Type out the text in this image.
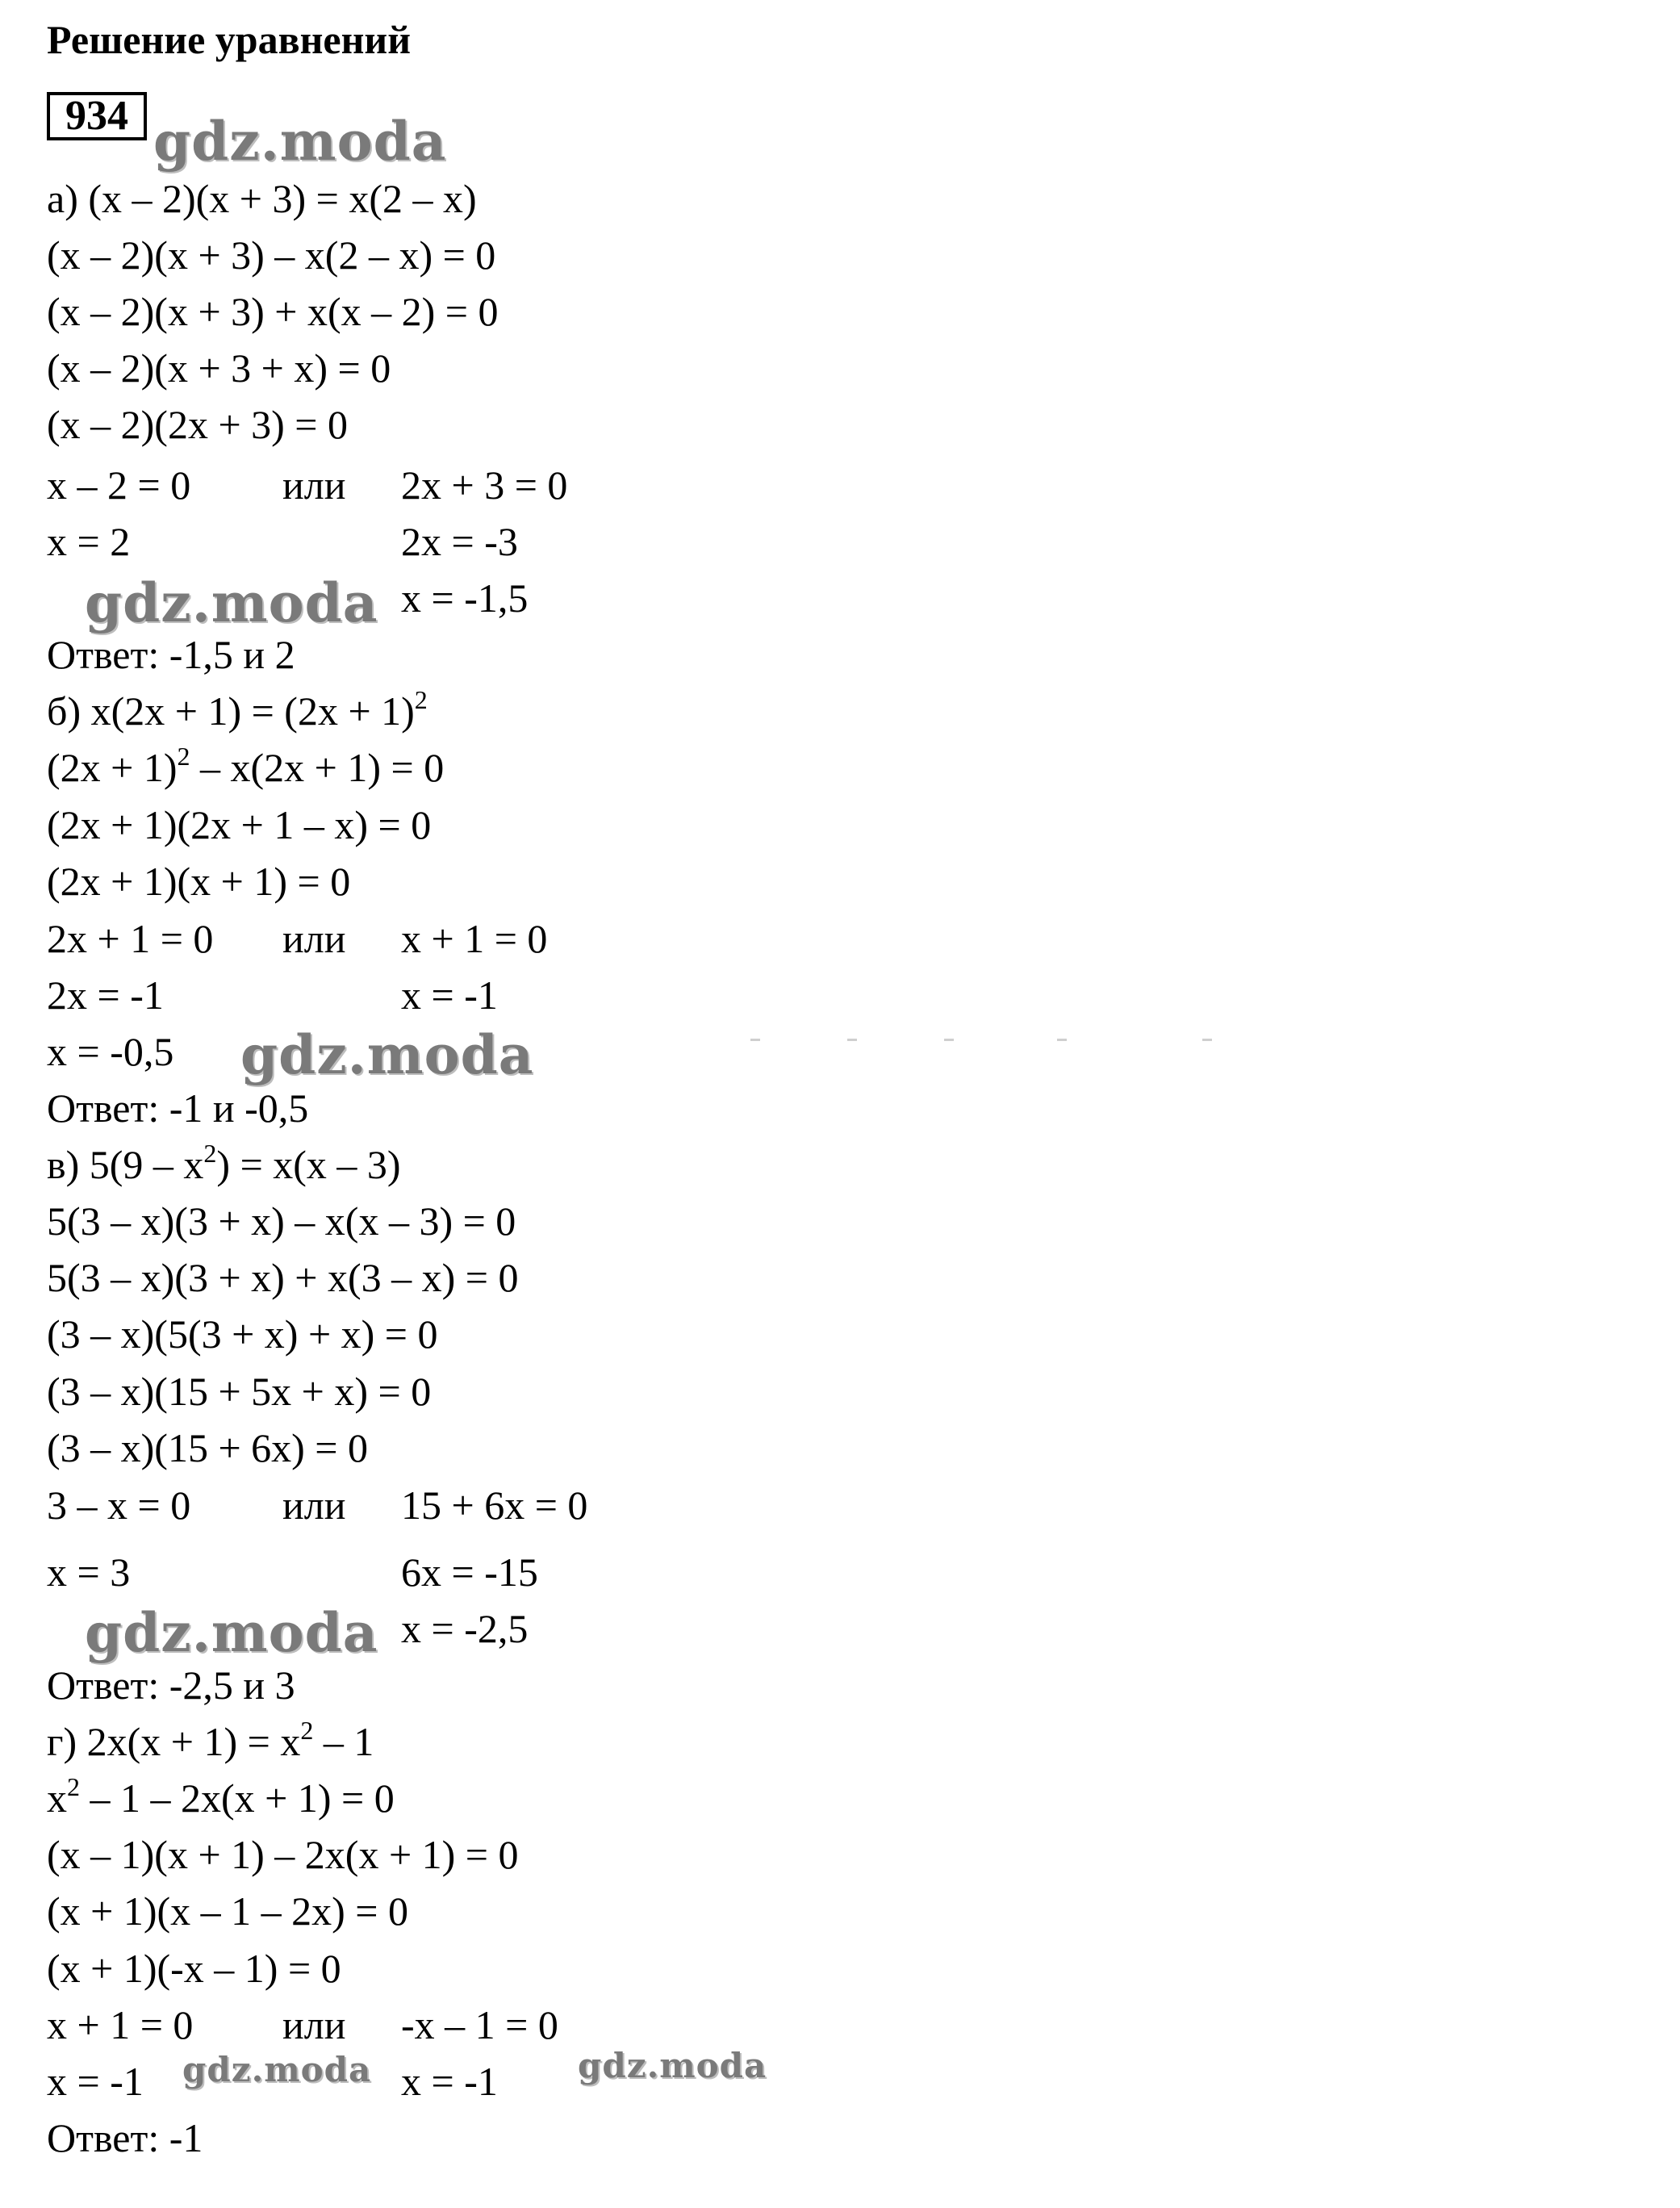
Решение уравнений
934 gdz.moda
gdz.moda
gdz.moda
gdz.moda
gdz.moda	gdz.moda
а) (x – 2)(x + 3) = x(2 – x)
(x – 2)(x + 3) – x(2 – x) = 0
(x – 2)(x + 3) + x(x – 2) = 0
(x – 2)(x + 3 + x) = 0
(x – 2)(2x + 3) = 0
x – 2 = 0 или 2x + 3 = 0
x = 2	2x = -3
x = -1,5
Ответ: -1,5 и 2
б) $x(2x + 1) = (2x + 1)^2$
$(2x + 1)^2 - x(2x + 1) = 0$
(2x + 1)(2x + 1 – x) = 0
(2x + 1)(x + 1) = 0
2x + 1 = 0 или x + 1 = 0
2x = -1	x = -1
x = -0,5
Ответ: -1 и -0,5
в) $5(9 - x^2) = x(x - 3)$
5(3 – x)(3 + x) – x(x – 3) = 0
5(3 – x)(3 + x) + x(3 – x) = 0
(3 – x)(5(3 + x) + x) = 0
(3 – x)(15 + 5x + x) = 0
(3 – x)(15 + 6x) = 0
3 – x = 0 или 15 + 6x = 0
x = 3	6x = -15
x = -2,5
Ответ: -2,5 и 3
г) $2x(x + 1) = x^2 - 1$
$x^2 - 1 - 2x(x + 1) = 0$
(x – 1)(x + 1) – 2x(x + 1) = 0
(x + 1)(x – 1 – 2x) = 0
(x + 1)(-x – 1) = 0
x + 1 = 0 или -x – 1 = 0
x = -1	x = -1
Ответ: -1
